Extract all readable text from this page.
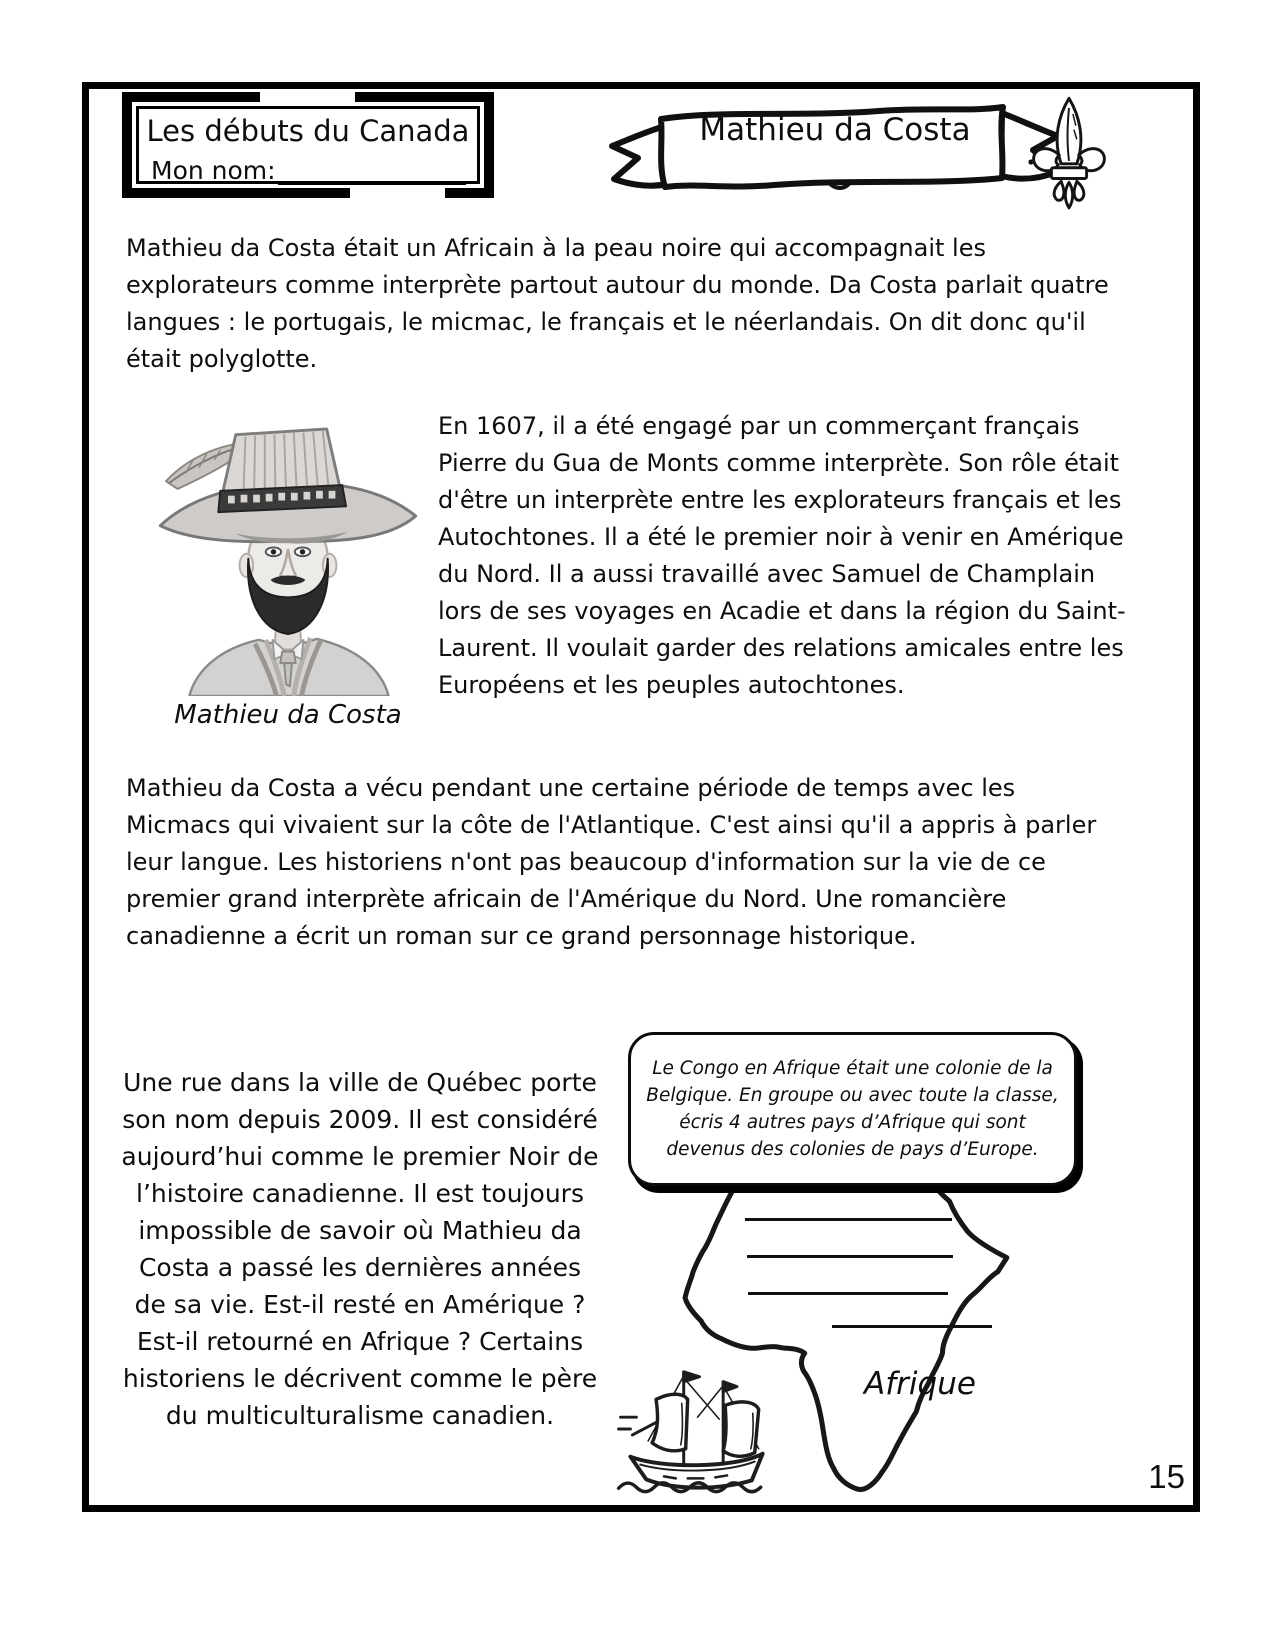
Les débuts du Canada
Mon nom:
Mathieu da Costa
Mathieu da Costa était un Africain à la peau noire qui accompagnait les explorateurs comme interprète partout autour du monde. Da Costa parlait quatre langues : le portugais, le micmac, le français et le néerlandais. On dit donc qu'il était polyglotte.
Mathieu da Costa
En 1607, il a été engagé par un commerçant français Pierre du Gua de Monts comme interprète. Son rôle était d'être un interprète entre les explorateurs français et les Autochtones. Il a été le premier noir à venir en Amérique du Nord. Il a aussi travaillé avec Samuel de Champlain lors de ses voyages en Acadie et dans la région du Saint-Laurent. Il voulait garder des relations amicales entre les Européens et les peuples autochtones.
Mathieu da Costa a vécu pendant une certaine période de temps avec les Micmacs qui vivaient sur la côte de l'Atlantique. C'est ainsi qu'il a appris à parler leur langue. Les historiens n'ont pas beaucoup d'information sur la vie de ce premier grand interprète africain de l'Amérique du Nord. Une romancière canadienne a écrit un roman sur ce grand personnage historique.
Une rue dans la ville de Québec porte son nom depuis 2009. Il est considéré aujourd’hui comme le premier Noir de l’histoire canadienne. Il est toujours impossible de savoir où Mathieu da Costa a passé les dernières années de sa vie. Est-il resté en Amérique ? Est-il retourné en Afrique ? Certains historiens le décrivent comme le père du multiculturalisme canadien.
Le Congo en Afrique était une colonie de la Belgique. En groupe ou avec toute la classe, écris 4 autres pays d’Afrique qui sont devenus des colonies de pays d’Europe.
Afrique
15
